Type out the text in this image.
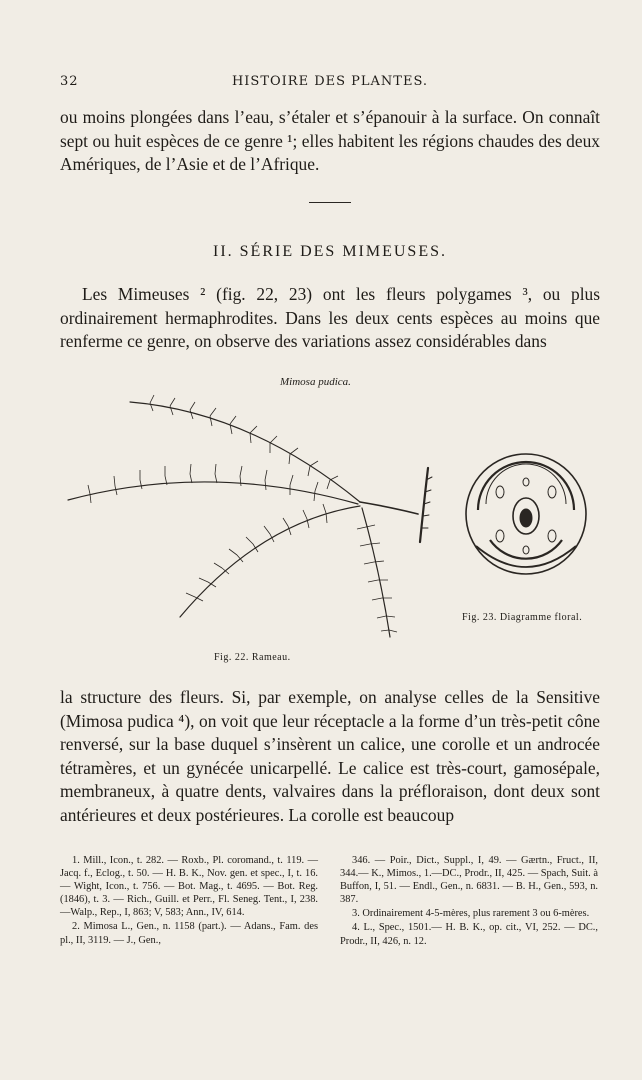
32	HISTOIRE DES PLANTES.
ou moins plongées dans l’eau, s’étaler et s’épanouir à la surface. On connaît sept ou huit espèces de ce genre ¹; elles habitent les régions chaudes des deux Amériques, de l’Asie et de l’Afrique.
II. SÉRIE DES MIMEUSES.
Les Mimeuses ² (fig. 22, 23) ont les fleurs polygames ³, ou plus ordinairement hermaphrodites. Dans les deux cents espèces au moins que renferme ce genre, on observe des variations assez considérables dans
Mimosa pudica.
Fig. 23. Diagramme floral.
Fig. 22. Rameau.
la structure des fleurs. Si, par exemple, on analyse celles de la Sensitive (Mimosa pudica ⁴), on voit que leur réceptacle a la forme d’un très-petit cône renversé, sur la base duquel s’insèrent un calice, une corolle et un androcée tétramères, et un gynécée unicarpellé. Le calice est très-court, gamosépale, membraneux, à quatre dents, valvaires dans la préfloraison, dont deux sont antérieures et deux postérieures. La corolle est beaucoup

1. Mill., Icon., t. 282. — Roxb., Pl. coromand., t. 119. — Jacq. f., Eclog., t. 50. — H. B. K., Nov. gen. et spec., I, t. 16. — Wight, Icon., t. 756. — Bot. Mag., t. 4695. — Bot. Reg. (1846), t. 3. — Rich., Guill. et Perr., Fl. Seneg. Tent., I, 238.—Walp., Rep., I, 863; V, 583; Ann., IV, 614.

2. Mimosa L., Gen., n. 1158 (part.). — Adans., Fam. des pl., II, 3119. — J., Gen.,

346. — Poir., Dict., Suppl., I, 49. — Gærtn., Fruct., II, 344.— K., Mimos., 1.—DC., Prodr., II, 425. — Spach, Suit. à Buffon, I, 51. — Endl., Gen., n. 6831. — B. H., Gen., 593, n. 387.

3. Ordinairement 4-5-mères, plus rarement 3 ou 6-mères.

4. L., Spec., 1501.— H. B. K., op. cit., VI, 252. — DC., Prodr., II, 426, n. 12.
